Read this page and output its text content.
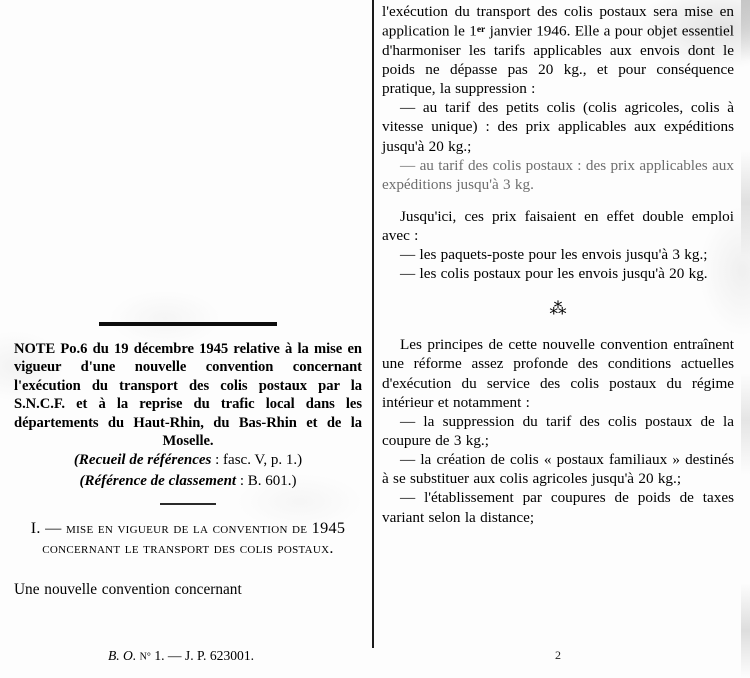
NOTE Po.6 du 19 décembre 1945 relative à la mise en vigueur d'une nouvelle convention concernant l'exécution du transport des colis postaux par la S.N.C.F. et à la reprise du trafic local dans les départements du Haut-Rhin, du Bas-Rhin et de la Moselle.
(Recueil de références : fasc. V, p. 1.)
(Référence de classement : B. 601.)
I. — mise en vigueur de la convention de 1945 concernant le transport des colis postaux.
Une nouvelle convention concernant
B. O. N° 1. — J. P. 623001.
l'exécution du transport des colis postaux sera mise en application le 1er janvier 1946. Elle a pour objet essentiel d'harmoniser les tarifs applicables aux envois dont le poids ne dépasse pas 20 kg., et pour conséquence pratique, la suppression :
— au tarif des petits colis (colis agricoles, colis à vitesse unique) : des prix applicables aux expéditions jusqu'à 20 kg.;
— au tarif des colis postaux : des prix applicables aux expéditions jusqu'à 3 kg.
Jusqu'ici, ces prix faisaient en effet double emploi avec :
— les paquets-poste pour les envois jusqu'à 3 kg.;
— les colis postaux pour les envois jusqu'à 20 kg.
⁂
Les principes de cette nouvelle convention entraînent une réforme assez profonde des conditions actuelles d'exécution du service des colis postaux du régime intérieur et notamment :
— la suppression du tarif des colis postaux de la coupure de 3 kg.;
— la création de colis « postaux familiaux » destinés à se substituer aux colis agricoles jusqu'à 20 kg.;
— l'établissement par coupures de poids de taxes variant selon la distance;
2
